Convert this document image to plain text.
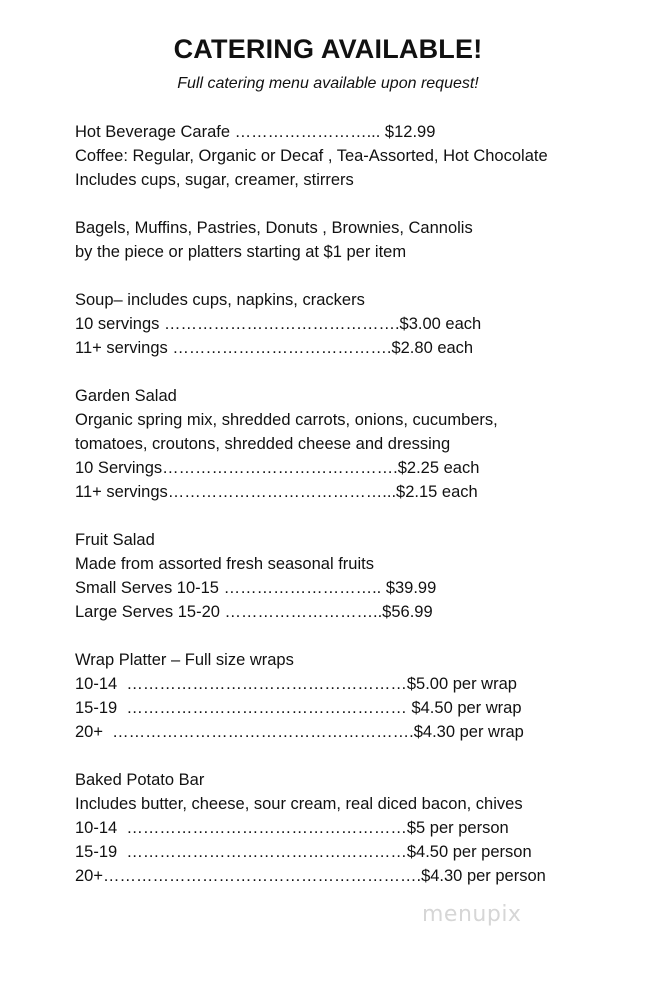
CATERING AVAILABLE!
Full catering menu available upon request!
Hot Beverage Carafe ……………………... $12.99
Coffee: Regular, Organic or Decaf , Tea-Assorted, Hot Chocolate
Includes cups, sugar, creamer, stirrers
Bagels, Muffins, Pastries, Donuts , Brownies, Cannolis
by the piece or platters starting at $1 per item
Soup– includes cups, napkins, crackers
10 servings …………………………………….$3.00 each
11+ servings ………………………………….$2.80 each
Garden Salad
Organic spring mix, shredded carrots, onions, cucumbers,
tomatoes, croutons, shredded cheese and dressing
10 Servings…………………………………….$2.25 each
11+ servings…………………………………...$2.15 each
Fruit Salad
Made from assorted fresh seasonal fruits
Small Serves 10-15 ……………………….. $39.99
Large Serves 15-20 ………………………..$56.99
Wrap Platter – Full size wraps
10-14  ……………………………………………$5.00 per wrap
15-19  …………………………………………… $4.50 per wrap
20+  ……………………………………………….$4.30 per wrap
Baked Potato Bar
Includes butter, cheese, sour cream, real diced bacon, chives
10-14  ……………………………………………$5 per person
15-19  ……………………………………………$4.50 per person
20+………………………………………………….$4.30 per person
menupix
